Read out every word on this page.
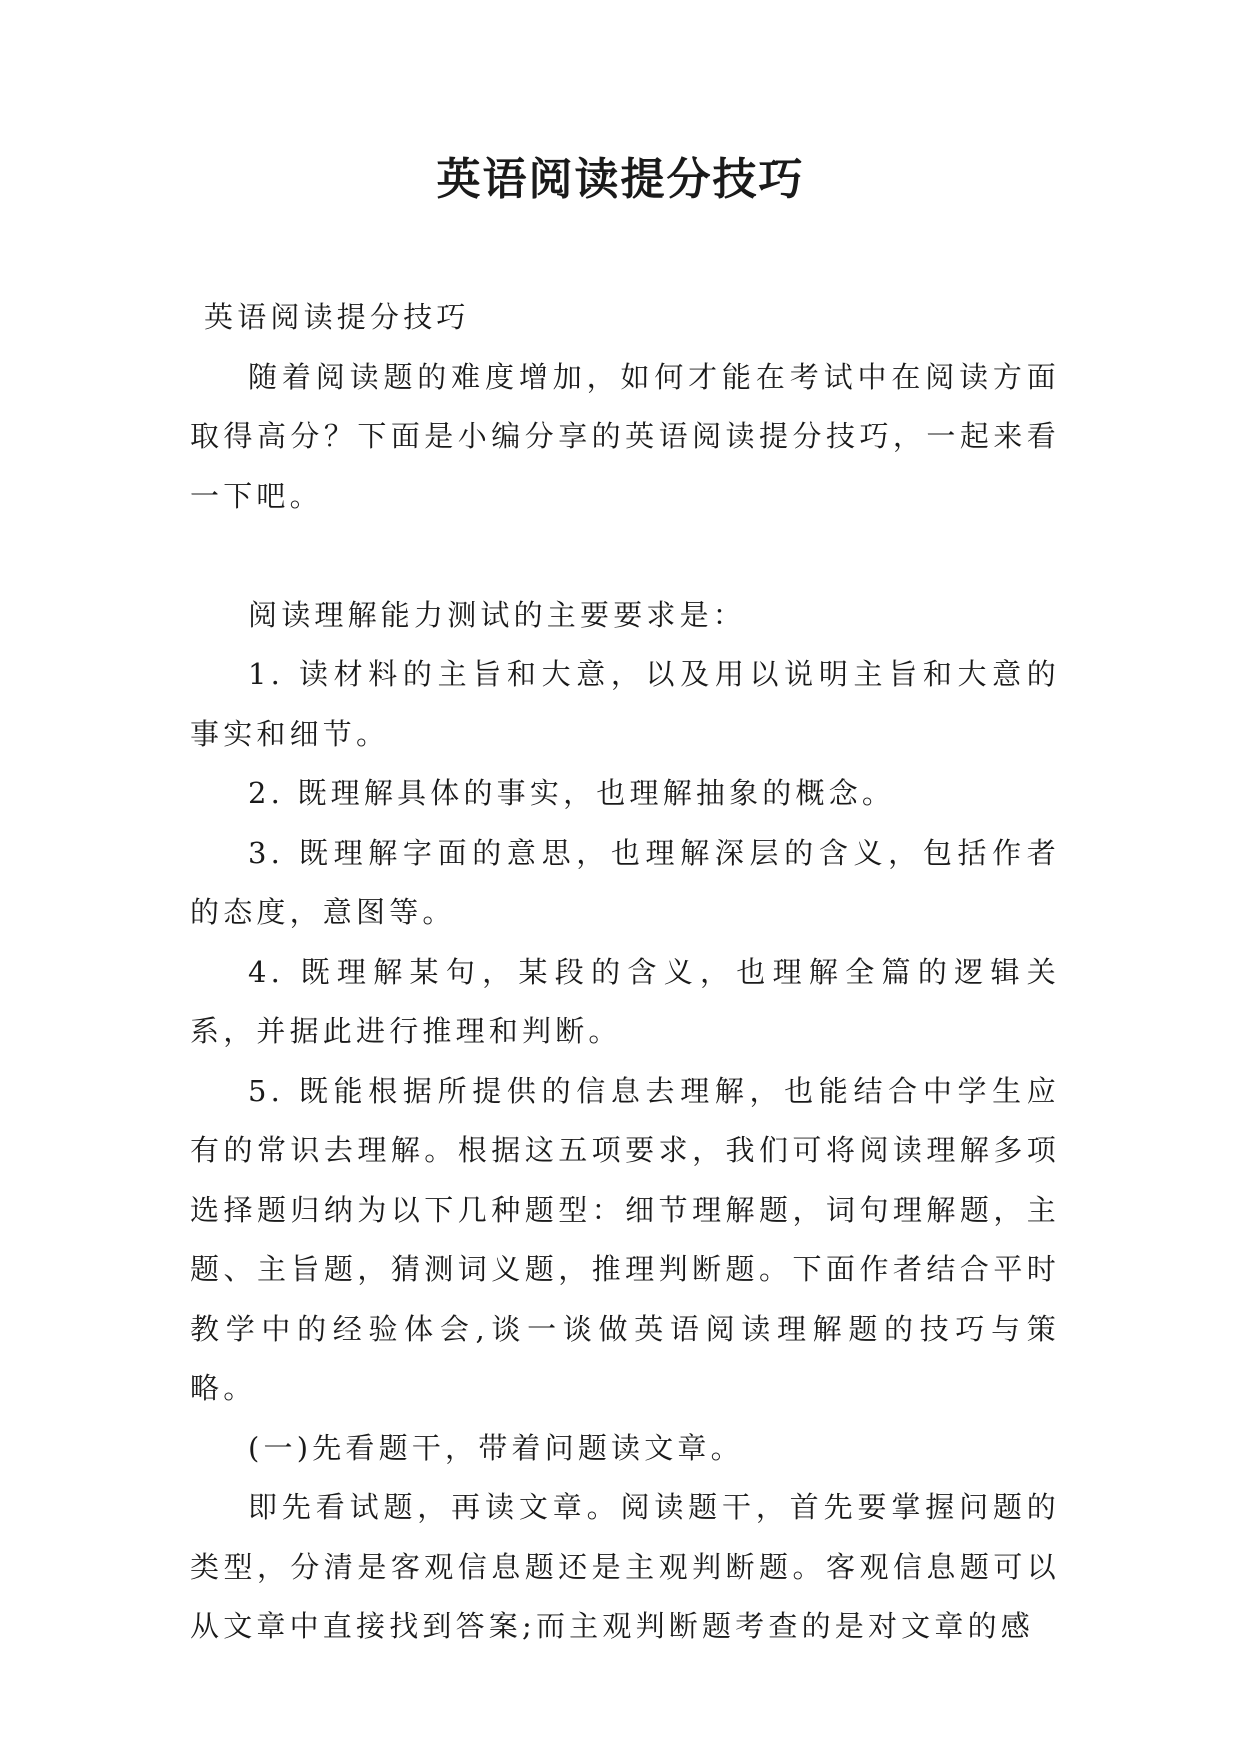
英语阅读提分技巧

英语阅读提分技巧

随着阅读题的难度增加，如何才能在考试中在阅读方面取得高分？下面是小编分享的英语阅读提分技巧，一起来看一下吧。

阅读理解能力测试的主要要求是：

1. 读材料的主旨和大意，以及用以说明主旨和大意的事实和细节。

2. 既理解具体的事实，也理解抽象的概念。

3. 既理解字面的意思，也理解深层的含义，包括作者的态度，意图等。

4. 既理解某句，某段的含义，也理解全篇的逻辑关系，并据此进行推理和判断。

5. 既能根据所提供的信息去理解，也能结合中学生应有的常识去理解。根据这五项要求，我们可将阅读理解多项选择题归纳为以下几种题型：细节理解题，词句理解题，主题、主旨题，猜测词义题，推理判断题。下面作者结合平时教学中的经验体会,谈一谈做英语阅读理解题的技巧与策略。

(一)先看题干，带着问题读文章。

即先看试题，再读文章。阅读题干，首先要掌握问题的类型，分清是客观信息题还是主观判断题。客观信息题可以从文章中直接找到答案;而主观判断题考查的是对文章的感
